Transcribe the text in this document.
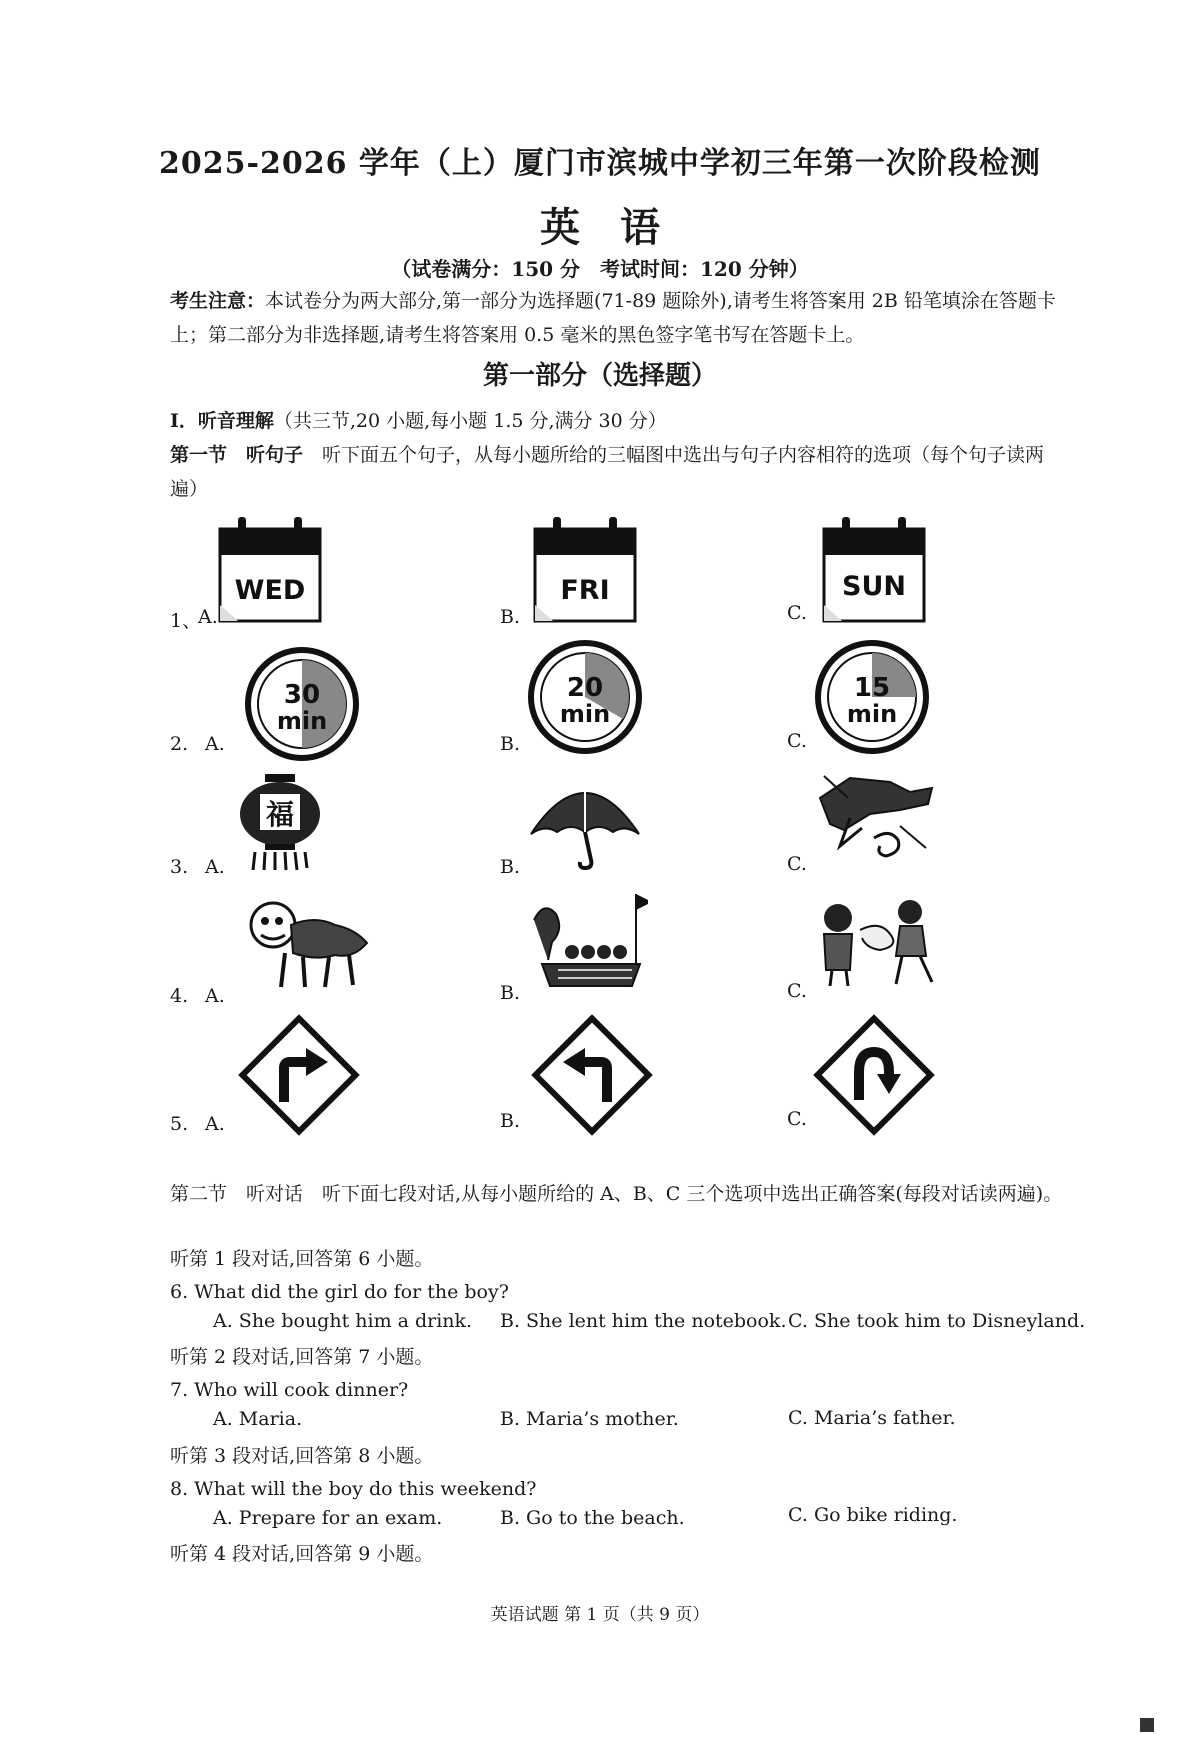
2025-2026 学年（上）厦门市滨城中学初三年第一次阶段检测
英语
（试卷满分：150 分　考试时间：120 分钟）
考生注意：本试卷分为两大部分,第一部分为选择题(71-89 题除外),请考生将答案用 2B 铅笔填涂在答题卡上；第二部分为非选择题,请考生将答案用 0.5 毫米的黑色签字笔书写在答题卡上。
第一部分（选择题）
I．听音理解（共三节,20 小题,每小题 1.5 分,满分 30 分）
第一节　听句子　 听下面五个句子，从每小题所给的三幅图中选出与句子内容相符的选项（每个句子读两遍）
1、
A.	B.	C.
WED	FRI	SUN
2. A.	B.	C.
30
min
20
min
15
min
3. A.	B.	C.
福
4. A.	B.	C.
5. A.	B.	C.
第二节　听对话　 听下面七段对话,从每小题所给的 A、B、C 三个选项中选出正确答案(每段对话读两遍)。
听第 1 段对话,回答第 6 小题。
6. What did the girl do for the boy?
A. She bought him a drink. B. She lent him the notebook. C. She took him to Disneyland.
听第 2 段对话,回答第 7 小题。
7. Who will cook dinner?
A. Maria.	B. Maria’s mother.	C. Maria’s father.
听第 3 段对话,回答第 8 小题。
8. What will the boy do this weekend?
A. Prepare for an exam.	B. Go to the beach.	C. Go bike riding.
听第 4 段对话,回答第 9 小题。
英语试题 第 1 页（共 9 页）
